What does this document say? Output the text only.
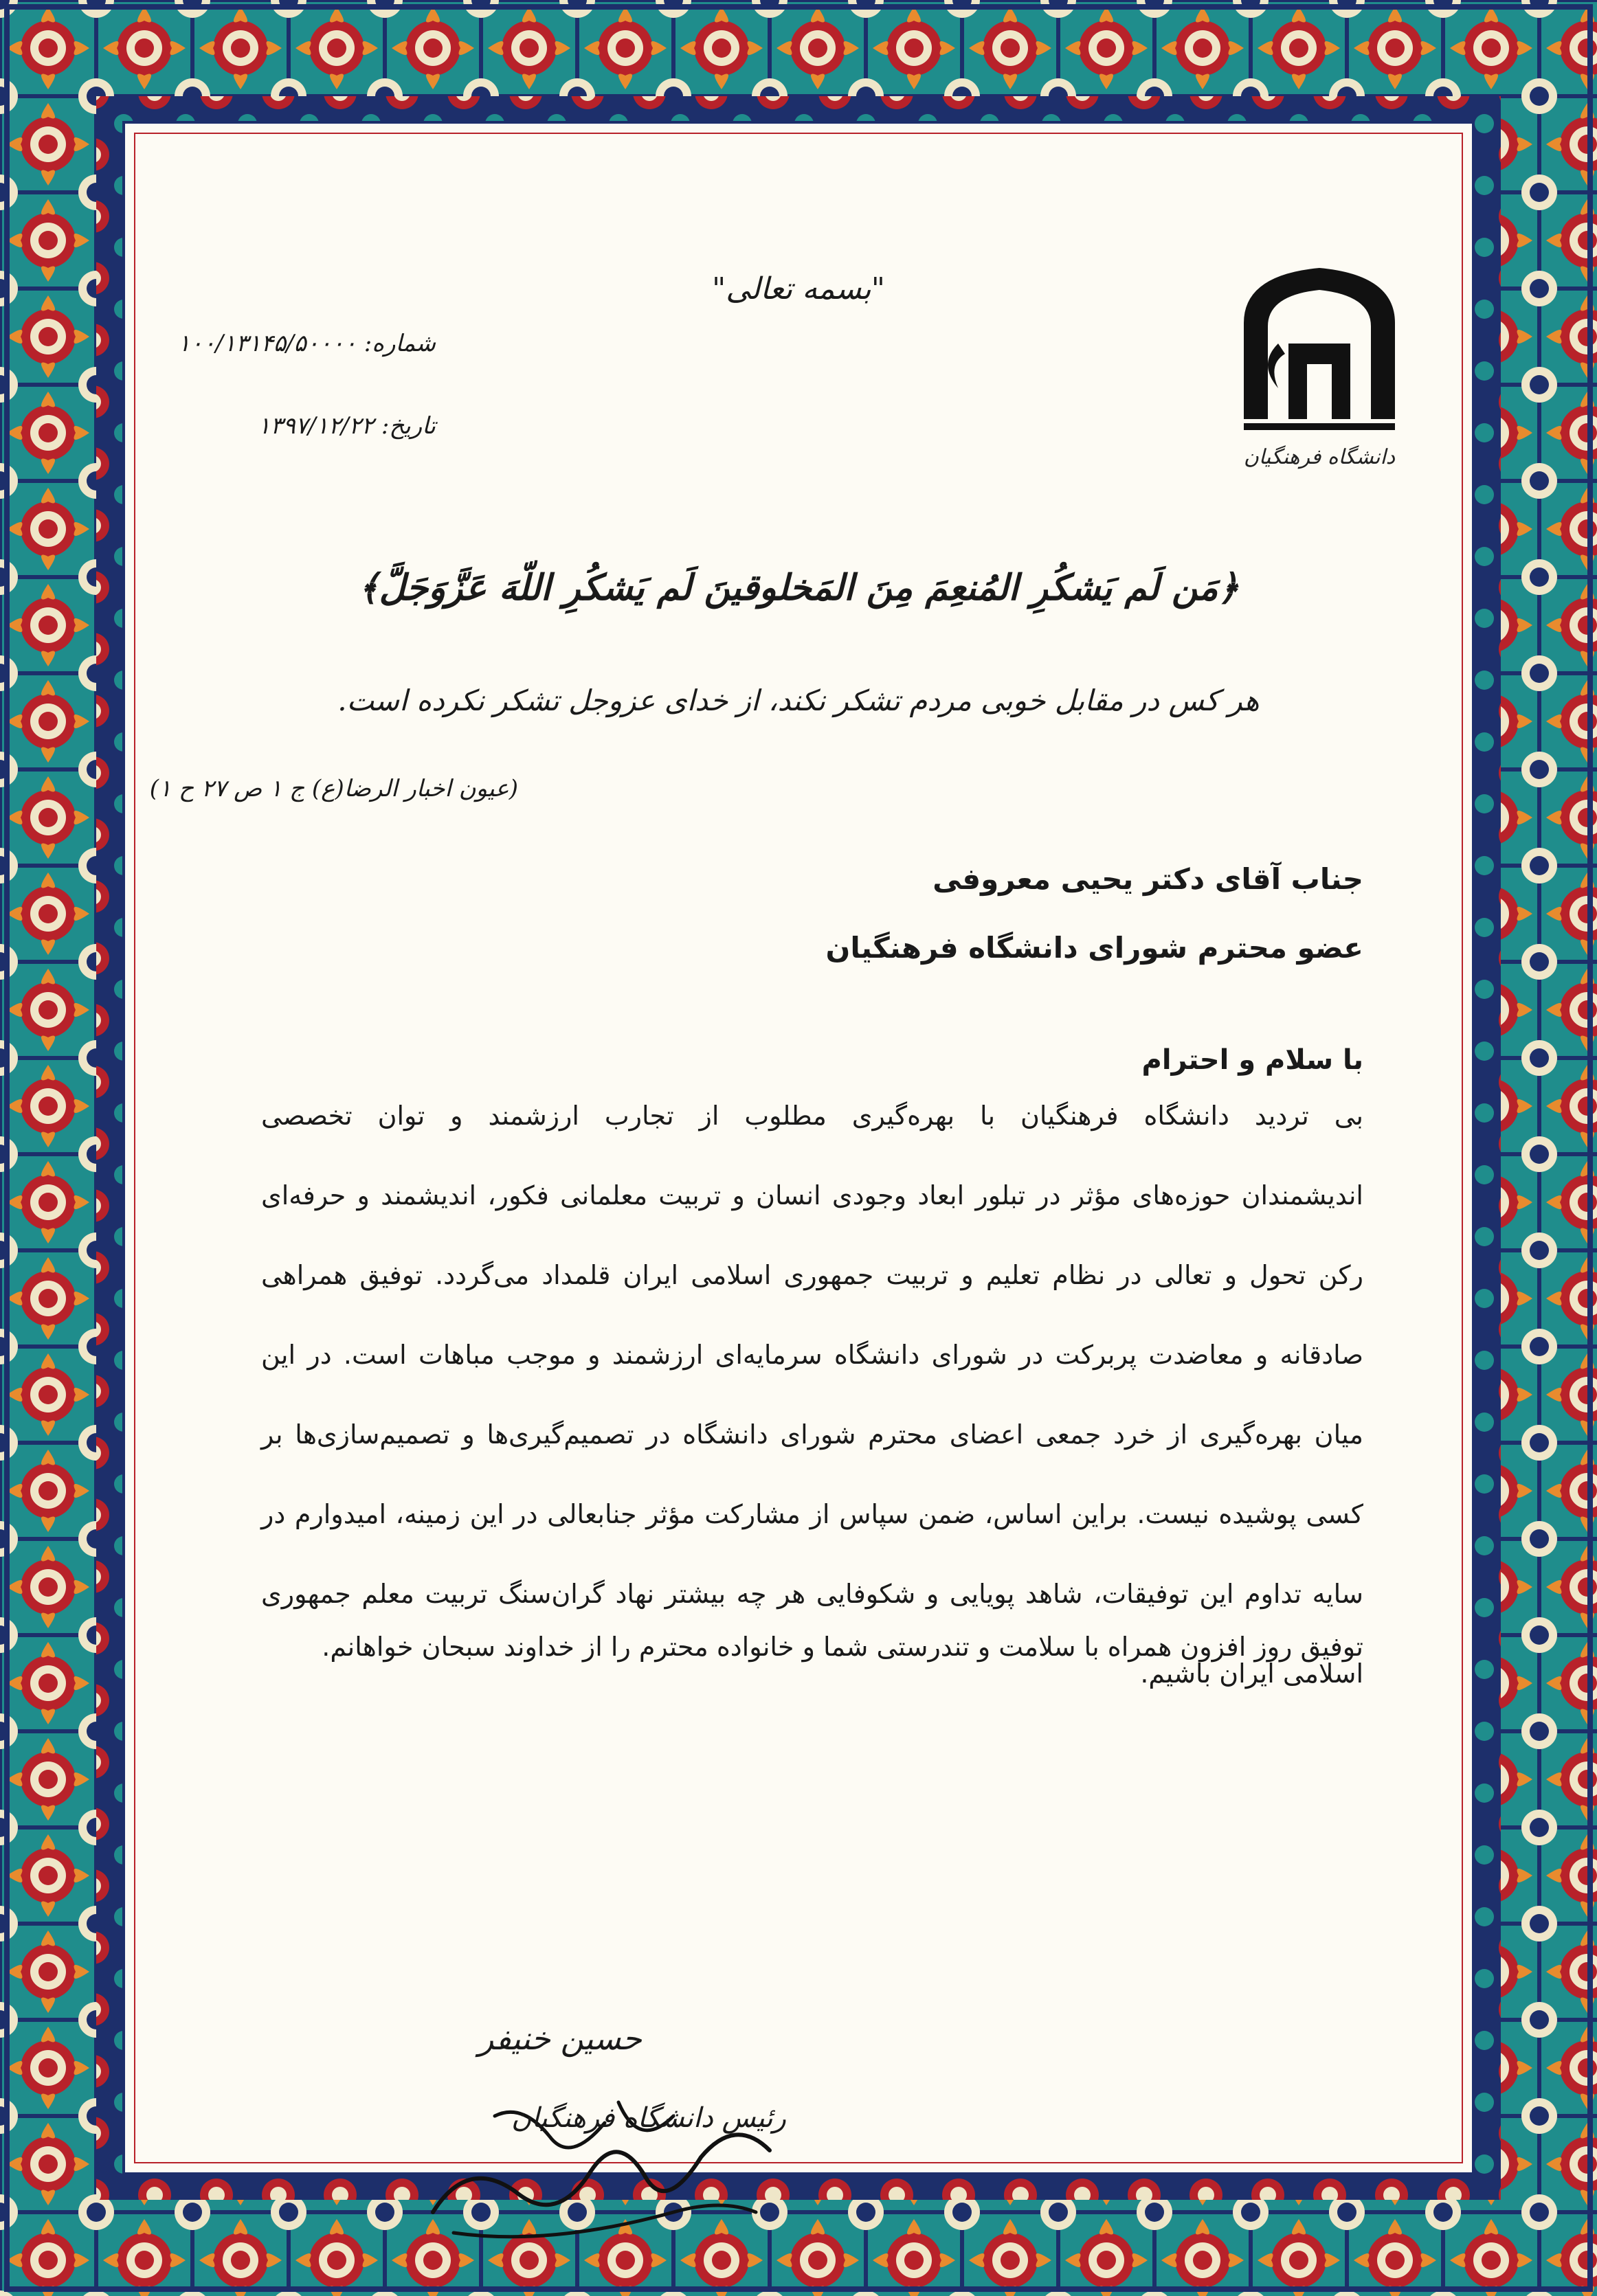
"بسمه تعالی"
شماره: ۱۰۰/۱۳۱۴۵/۵۰۰۰۰
تاریخ: ۱۳۹۷/۱۲/۲۲
دانشگاه فرهنگیان
﴿مَن لَم يَشكُرِ المُنعِمَ مِنَ المَخلوقينَ لَم يَشكُرِ اللّهَ عَزَّوَجَلَّ﴾
هر کس در مقابل خوبی مردم تشکر نکند، از خدای عزوجل تشکر نکرده است.
(عیون اخبار الرضا(ع) ج ۱ ص ۲۷ ح ۱)
جناب آقای دکتر یحیی معروفی
عضو محترم شورای دانشگاه فرهنگیان
با سلام و احترام
بی تردید دانشگاه فرهنگیان با بهره‌گیری مطلوب از تجارب ارزشمند و توان تخصصی
اندیشمندان حوزه‌های مؤثر در تبلور ابعاد وجودی انسان و تربیت معلمانی فکور، اندیشمند و حرفه‌ای
رکن تحول و تعالی در نظام تعلیم و تربیت جمهوری اسلامی ایران قلمداد می‌گردد. توفیق همراهی
صادقانه و معاضدت پربرکت در شورای دانشگاه سرمایه‌ای ارزشمند و موجب مباهات است. در این
میان بهره‌گیری از خرد جمعی اعضای محترم شورای دانشگاه در تصمیم‌گیری‌ها و تصمیم‌سازی‌ها بر
کسی پوشیده نیست. براین اساس، ضمن سپاس از مشارکت مؤثر جنابعالی در این زمینه، امیدوارم در
سایه تداوم این توفیقات، شاهد پویایی و شکوفایی هر چه بیشتر نهاد گران‌سنگ تربیت معلم جمهوری
اسلامی ایران باشیم.
توفیق روز افزون همراه با سلامت و تندرستی شما و خانواده محترم را از خداوند سبحان خواهانم.
حسین خنیفر
رئیس دانشگاه فرهنگیان
